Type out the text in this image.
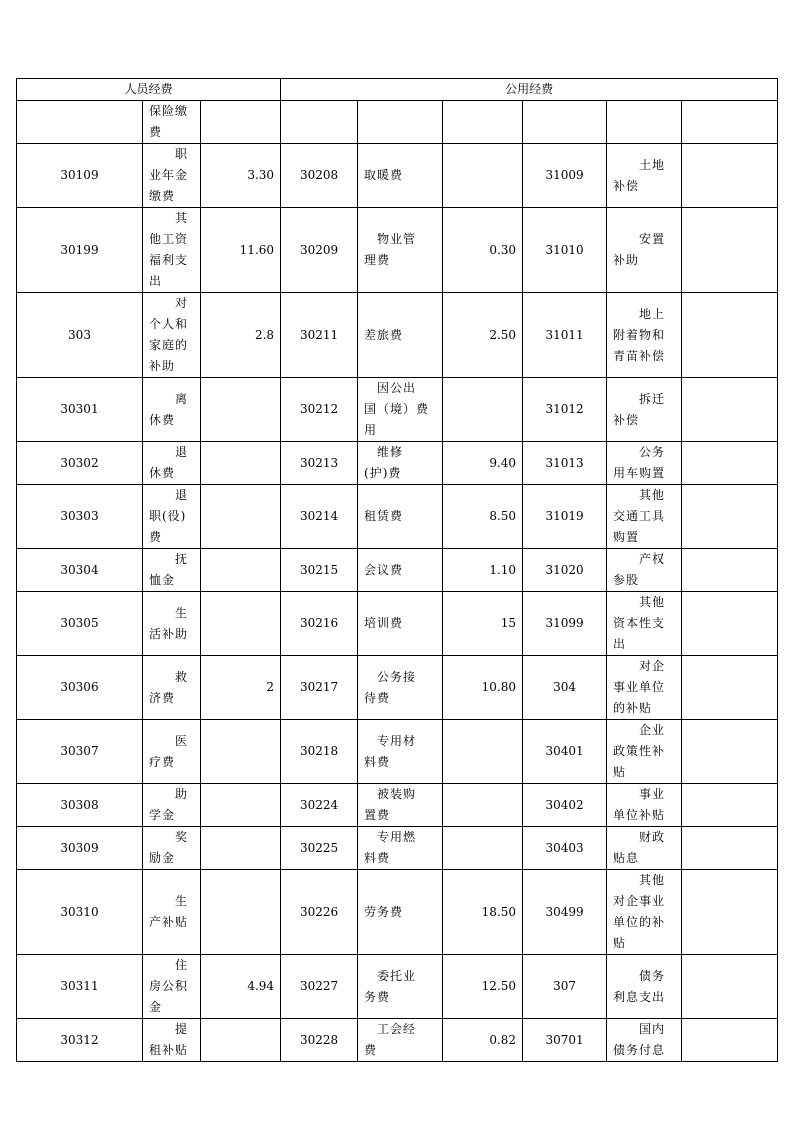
人员经费			公用经费					

	保险缴
费							

30109	　　职
业年金
缴费	3.30	30208	取暖费		31009	　　土地
补偿	

30199	　　其
他工资
福利支
出	11.60	30209	　物业管
理费	0.30	31010	　　安置
补助	

303	　　对
个人和
家庭的
补助	2.8	30211	差旅费	2.50	31011	　　地上
附着物和
青苗补偿	

30301	　　离
休费		30212	　因公出
国（境）费
用		31012	　　拆迁
补偿	

30302	　　退
休费		30213	　维修
(护)费	9.40	31013	　　公务
用车购置	

30303	　　退
职(役)
费		30214	租赁费	8.50	31019	　　其他
交通工具
购置	

30304	　　抚
恤金		30215	会议费	1.10	31020	　　产权
参股	

30305	　　生
活补助		30216	培训费	15	31099	　　其他
资本性支
出	

30306	　　救
济费	2	30217	　公务接
待费	10.80	304	　　对企
事业单位
的补贴	

30307	　　医
疗费		30218	　专用材
料费		30401	　　企业
政策性补
贴	

30308	　　助
学金		30224	　被装购
置费		30402	　　事业
单位补贴	

30309	　　奖
励金		30225	　专用燃
料费		30403	　　财政
贴息	

30310	　　生
产补贴		30226	劳务费	18.50	30499	　　其他
对企事业
单位的补
贴	

30311	　　住
房公积
金	4.94	30227	　委托业
务费	12.50	307	　　债务
利息支出	

30312	　　提
租补贴		30228	　工会经
费	0.82	30701	　　国内
债务付息	
